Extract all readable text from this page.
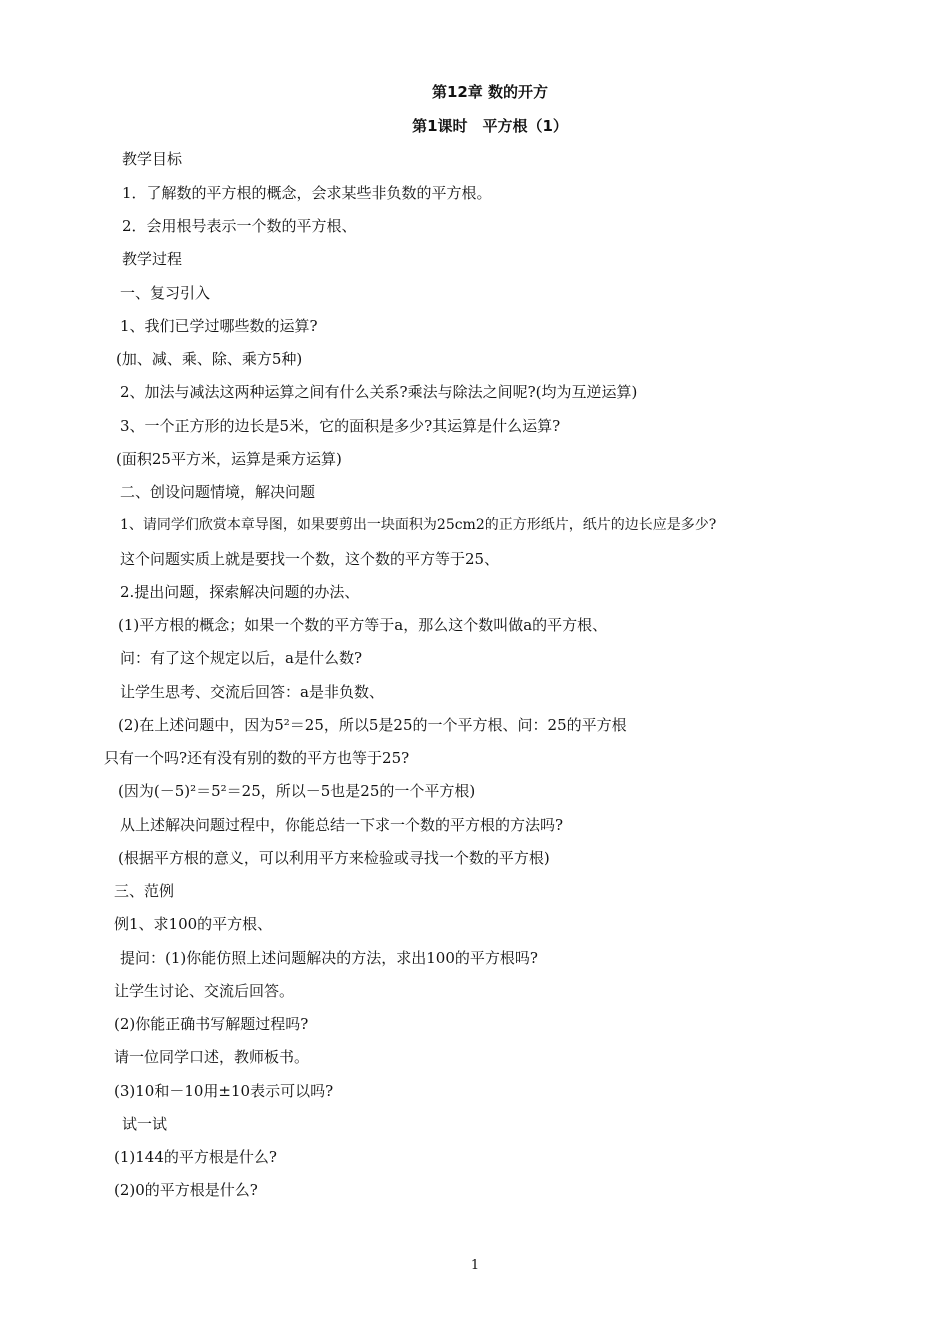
第12章 数的开方
第1课时　平方根（1）
教学目标
1．了解数的平方根的概念，会求某些非负数的平方根。
2．会用根号表示一个数的平方根、
教学过程
一、复习引入
1、我们已学过哪些数的运算?
(加、减、乘、除、乘方5种)
2、加法与减法这两种运算之间有什么关系?乘法与除法之间呢?(均为互逆运算)
3、一个正方形的边长是5米，它的面积是多少?其运算是什么运算?
(面积25平方米，运算是乘方运算)
二、创设问题情境，解决问题
1、请同学们欣赏本章导图，如果要剪出一块面积为25cm2的正方形纸片，纸片的边长应是多少?
这个问题实质上就是要找一个数，这个数的平方等于25、
2.提出问题，探索解决问题的办法、
(1)平方根的概念；如果一个数的平方等于a，那么这个数叫做a的平方根、
问：有了这个规定以后，a是什么数?
让学生思考、交流后回答：a是非负数、
(2)在上述问题中，因为5²＝25，所以5是25的一个平方根、问：25的平方根
只有一个吗?还有没有别的数的平方也等于25?
(因为(－5)²＝5²＝25，所以－5也是25的一个平方根)
从上述解决问题过程中，你能总结一下求一个数的平方根的方法吗?
(根据平方根的意义，可以利用平方来检验或寻找一个数的平方根)
三、范例
例1、求100的平方根、
提问：(1)你能仿照上述问题解决的方法，求出100的平方根吗?
让学生讨论、交流后回答。
(2)你能正确书写解题过程吗?
请一位同学口述，教师板书。
(3)10和－10用±10表示可以吗?
试一试
(1)144的平方根是什么?
(2)0的平方根是什么?
1
